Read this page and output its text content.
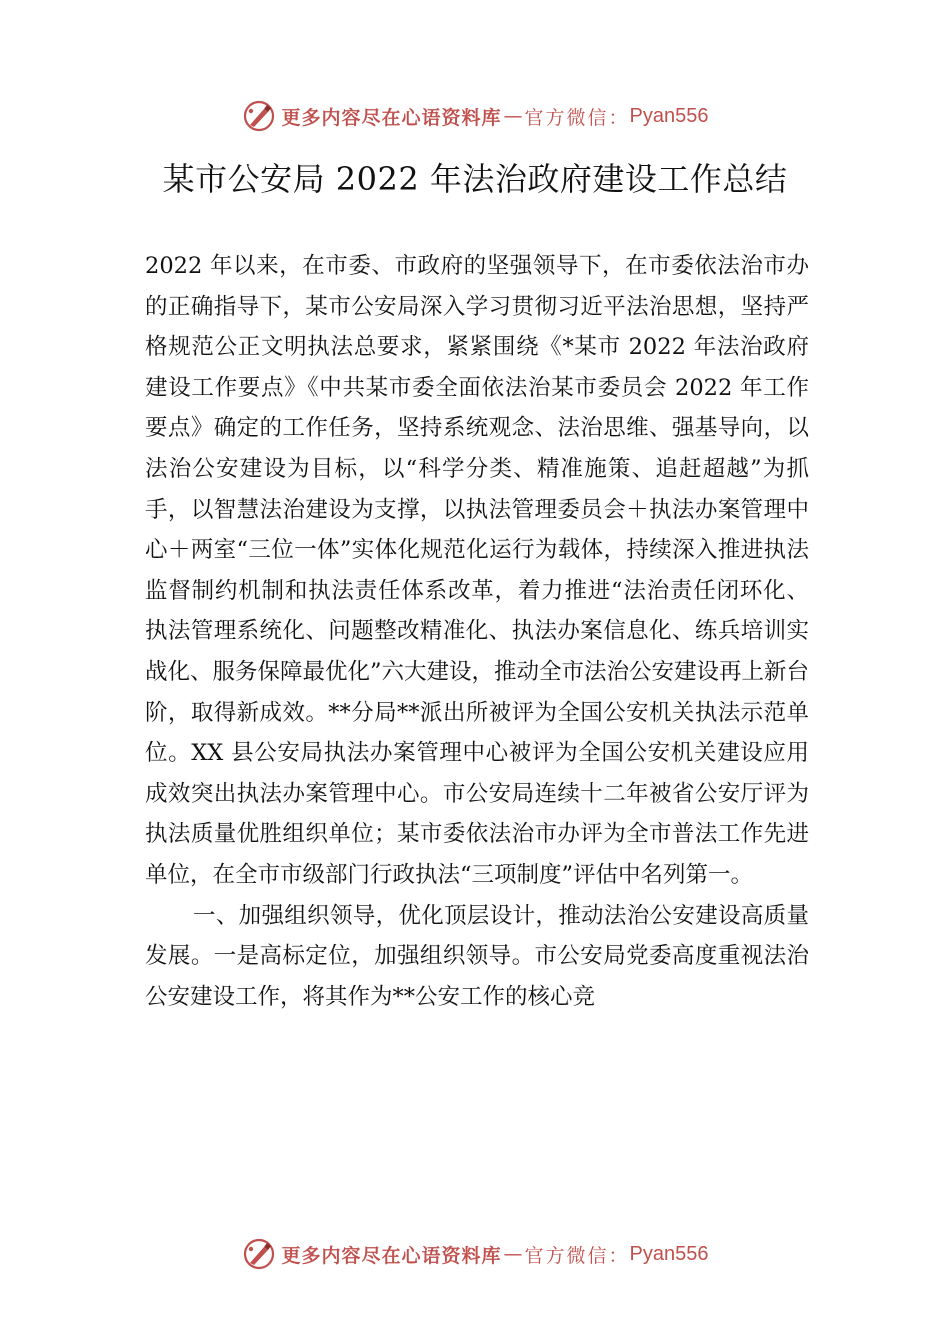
更多内容尽在心语资料库 — 官方微信： Pyan556
某市公安局 2022 年法治政府建设工作总结

2022 年以来，在市委、市政府的坚强领导下，在市委依法治市办的正确指导下，某市公安局深入学习贯彻习近平法治思想，坚持严格规范公正文明执法总要求，紧紧围绕《*某市 2022 年法治政府建设工作要点》《中共某市委全面依法治某市委员会 2022 年工作要点》确定的工作任务，坚持系统观念、法治思维、强基导向，以法治公安建设为目标，以“科学分类、精准施策、追赶超越”为抓手，以智慧法治建设为支撑，以执法管理委员会＋执法办案管理中心＋两室“三位一体”实体化规范化运行为载体，持续深入推进执法监督制约机制和执法责任体系改革，着力推进“法治责任闭环化、 执法管理系统化、问题整改精准化、执法办案信息化、练兵培训实战化、服务保障最优化”六大建设，推动全市法治公安建设再上新台阶，取得新成效。**分局**派出所被评为全国公安机关执法示范单位。XX 县公安局执法办案管理中心被评为全国公安机关建设应用成效突出执法办案管理中心。市公安局连续十二年被省公安厅评为执法质量优胜组织单位；某市委依法治市办评为全市普法工作先进单位，在全市市级部门行政执法“三项制度”评估中名列第一。

一、加强组织领导，优化顶层设计，推动法治公安建设高质量发展。一是高标定位，加强组织领导。市公安局党委高度重视法治公安建设工作，将其作为**公安工作的核心竞

更多内容尽在心语资料库 — 官方微信： Pyan556
